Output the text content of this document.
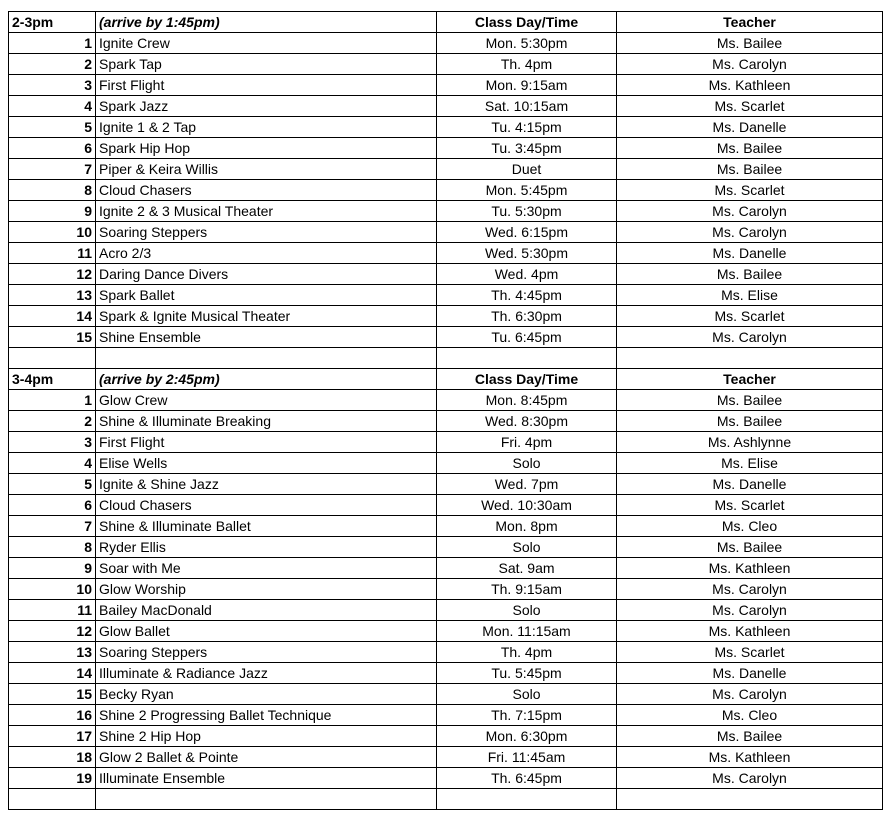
2-3pm	(arrive by 1:45pm)	Class Day/Time	Teacher
1	Ignite Crew	Mon. 5:30pm	Ms. Bailee
2	Spark Tap	Th. 4pm	Ms. Carolyn
3	First Flight	Mon. 9:15am	Ms. Kathleen
4	Spark Jazz	Sat. 10:15am	Ms. Scarlet
5	Ignite 1 & 2 Tap	Tu. 4:15pm	Ms. Danelle
6	Spark Hip Hop	Tu. 3:45pm	Ms. Bailee
7	Piper & Keira Willis	Duet	Ms. Bailee
8	Cloud Chasers	Mon. 5:45pm	Ms. Scarlet
9	Ignite 2 & 3 Musical Theater	Tu. 5:30pm	Ms. Carolyn
10	Soaring Steppers	Wed. 6:15pm	Ms. Carolyn
11	Acro 2/3	Wed. 5:30pm	Ms. Danelle
12	Daring Dance Divers	Wed. 4pm	Ms. Bailee
13	Spark Ballet	Th. 4:45pm	Ms. Elise
14	Spark & Ignite Musical Theater	Th. 6:30pm	Ms. Scarlet
15	Shine Ensemble	Tu. 6:45pm	Ms. Carolyn

3-4pm	(arrive by 2:45pm)	Class Day/Time	Teacher
1	Glow Crew	Mon. 8:45pm	Ms. Bailee
2	Shine & Illuminate Breaking	Wed. 8:30pm	Ms. Bailee
3	First Flight	Fri. 4pm	Ms. Ashlynne
4	Elise Wells	Solo	Ms. Elise
5	Ignite & Shine Jazz	Wed. 7pm	Ms. Danelle
6	Cloud Chasers	Wed. 10:30am	Ms. Scarlet
7	Shine & Illuminate Ballet	Mon. 8pm	Ms. Cleo
8	Ryder Ellis	Solo	Ms. Bailee
9	Soar with Me	Sat. 9am	Ms. Kathleen
10	Glow Worship	Th. 9:15am	Ms. Carolyn
11	Bailey MacDonald	Solo	Ms. Carolyn
12	Glow Ballet	Mon. 11:15am	Ms. Kathleen
13	Soaring Steppers	Th. 4pm	Ms. Scarlet
14	Illuminate & Radiance Jazz	Tu. 5:45pm	Ms. Danelle
15	Becky Ryan	Solo	Ms. Carolyn
16	Shine 2 Progressing Ballet Technique	Th. 7:15pm	Ms. Cleo
17	Shine 2 Hip Hop	Mon. 6:30pm	Ms. Bailee
18	Glow 2 Ballet & Pointe	Fri. 11:45am	Ms. Kathleen
19	Illuminate Ensemble	Th. 6:45pm	Ms. Carolyn
